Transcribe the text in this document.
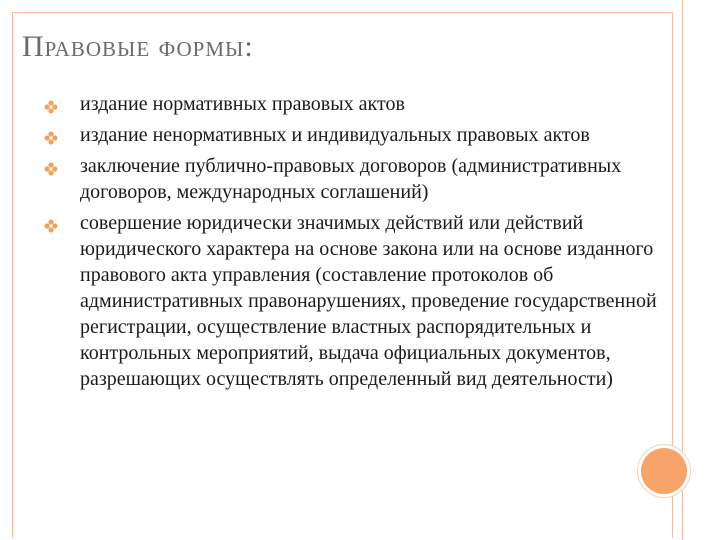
Правовые формы:
издание нормативных правовых актов
издание ненормативных и индивидуальных правовых актов
заключение публично-правовых договоров (административных договоров, международных соглашений)
совершение юридически значимых действий или действий юридического характера на основе закона или на основе изданного правового акта управления (составление протоколов об административных правонарушениях, проведение государственной регистрации, осуществление властных распорядительных и контрольных мероприятий, выдача официальных документов, разрешающих осуществлять определенный вид деятельности)
